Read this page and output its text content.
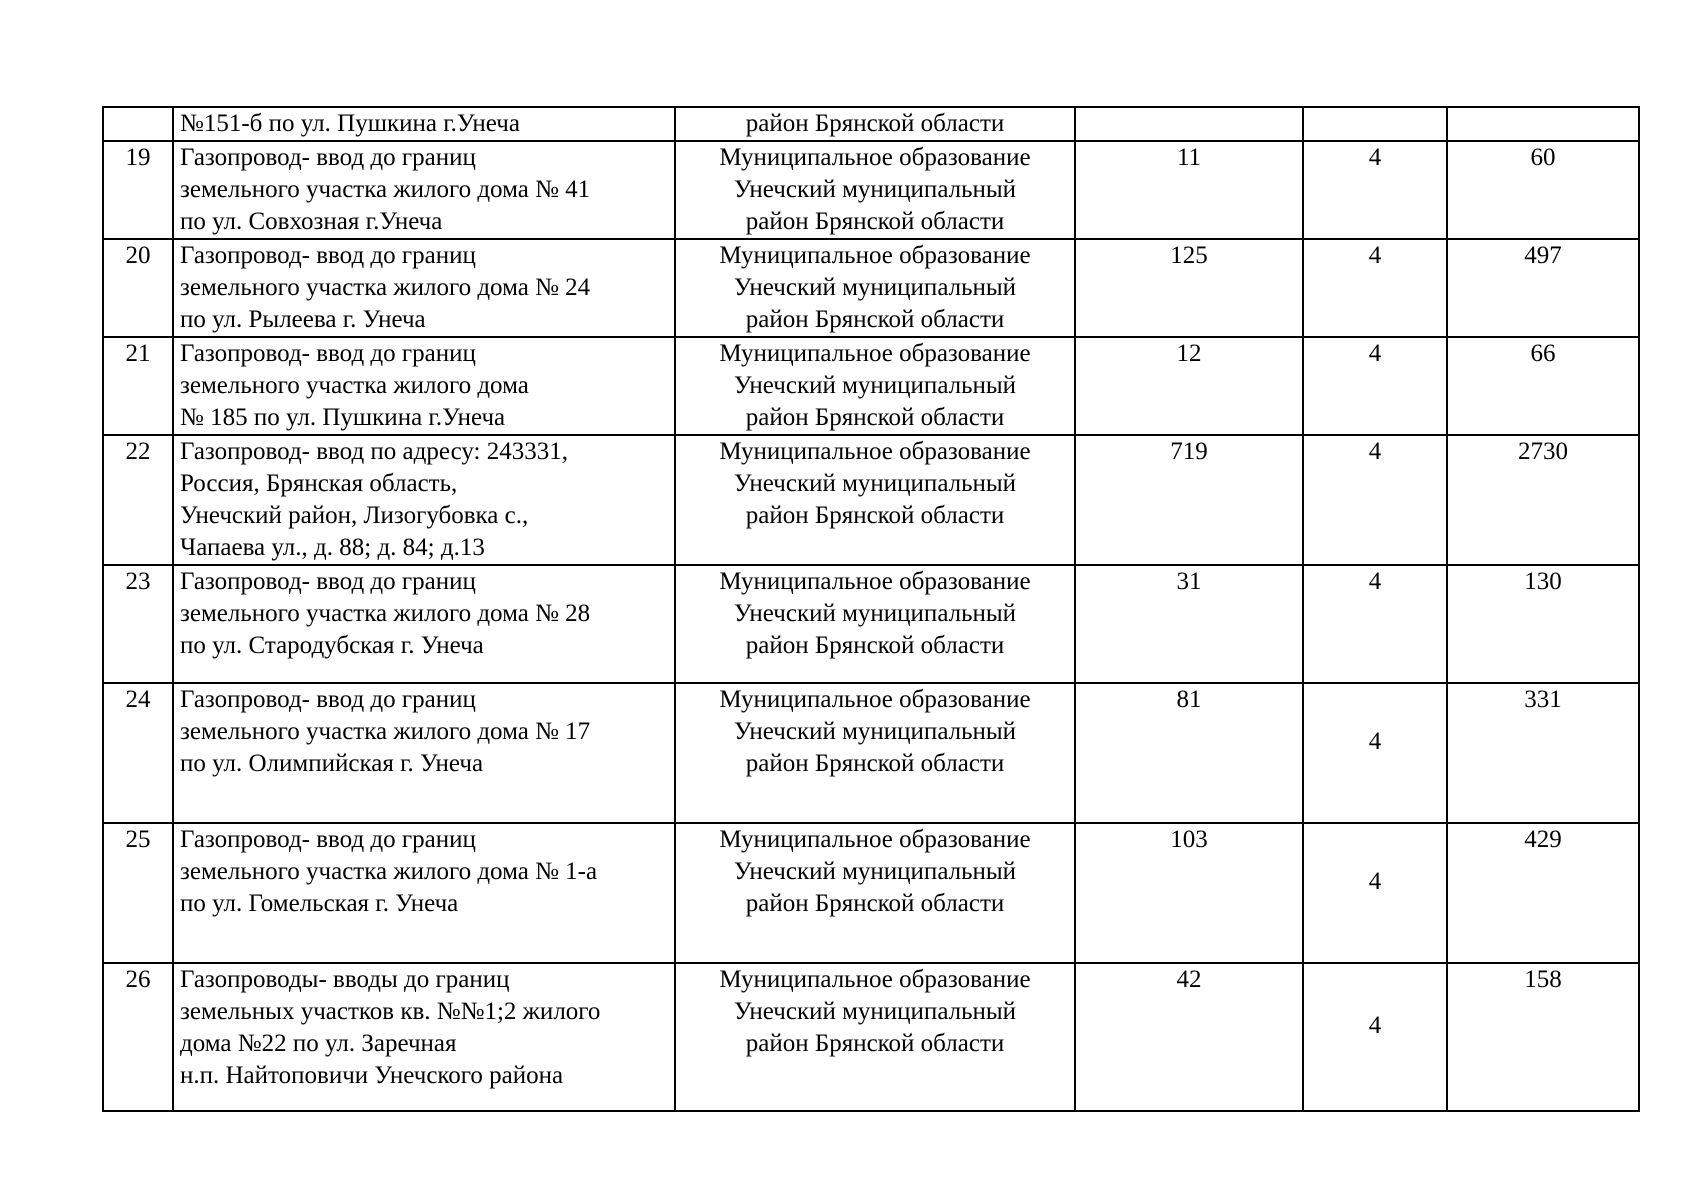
	№151-б по ул. Пушкина г.Унеча	район Брянской области			

19	Газопровод- ввод до границ
земельного участка жилого дома № 41
по ул. Совхозная г.Унеча	Муниципальное образование
Унечский муниципальный
район Брянской области	11	4	60
20	Газопровод- ввод до границ
земельного участка жилого дома № 24
по ул. Рылеева г. Унеча	Муниципальное образование
Унечский муниципальный
район Брянской области	125	4	497
21	Газопровод- ввод до границ
земельного участка жилого дома
№ 185 по ул. Пушкина г.Унеча	Муниципальное образование
Унечский муниципальный
район Брянской области	12	4	66
22	Газопровод- ввод по адресу: 243331,
Россия, Брянская область,
Унечский район, Лизогубовка с.,
Чапаева ул., д. 88; д. 84; д.13	Муниципальное образование
Унечский муниципальный
район Брянской области	719	4	2730
23	Газопровод- ввод до границ
земельного участка жилого дома № 28
по ул. Стародубская г. Унеча	Муниципальное образование
Унечский муниципальный
район Брянской области	31	4	130
24	Газопровод- ввод до границ
земельного участка жилого дома № 17
по ул. Олимпийская г. Унеча	Муниципальное образование
Унечский муниципальный
район Брянской области	81	4	331
25	Газопровод- ввод до границ
земельного участка жилого дома № 1-а
по ул. Гомельская г. Унеча	Муниципальное образование
Унечский муниципальный
район Брянской области	103	4	429
26	Газопроводы- вводы до границ
земельных участков кв. №№1;2 жилого
дома №22 по ул. Заречная
н.п. Найтоповичи Унечского района	Муниципальное образование
Унечский муниципальный
район Брянской области	42	4	158
